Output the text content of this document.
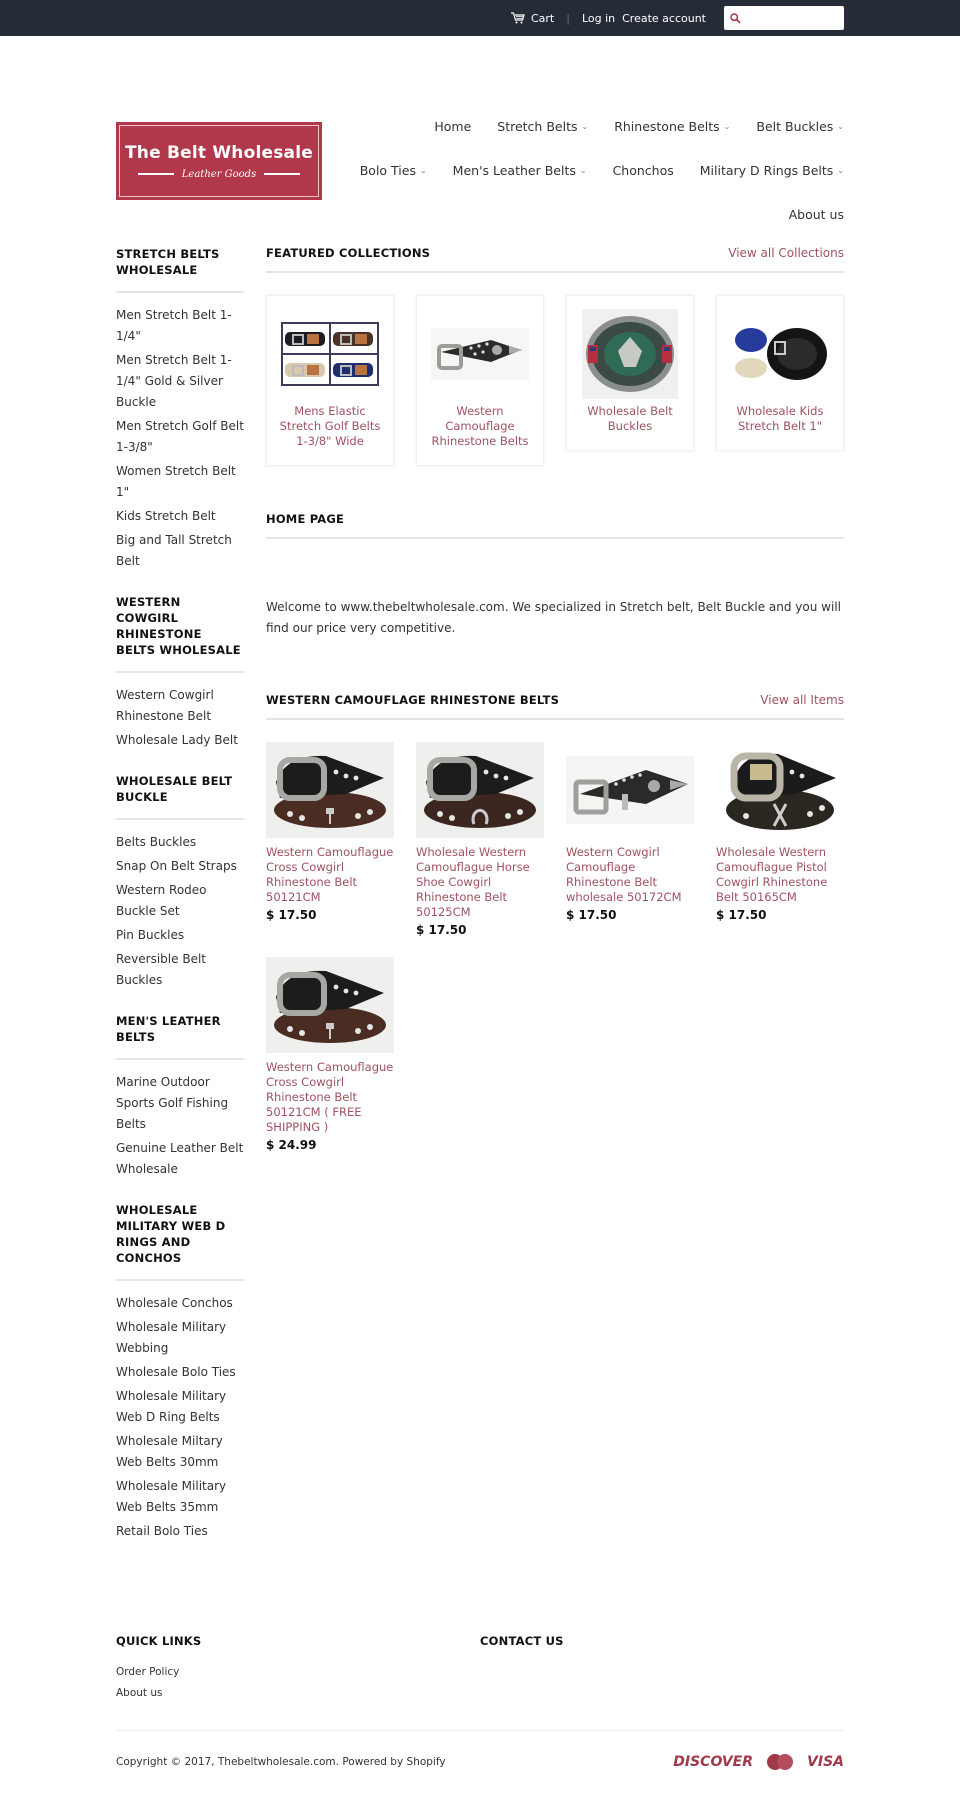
Cart | Log in Create account
The Belt Wholesale
Leather Goods
Home Stretch Belts ⌄ Rhinestone Belts ⌄ Belt Buckles ⌄
Bolo Ties ⌄ Men's Leather Belts ⌄ Chonchos Military D Rings Belts ⌄
About us
STRETCH BELTS WHOLESALE
Men Stretch Belt 1-1/4"
Men Stretch Belt 1-1/4" Gold & Silver Buckle
Men Stretch Golf Belt 1-3/8"
Women Stretch Belt 1"
Kids Stretch Belt
Big and Tall Stretch Belt
WESTERN COWGIRL RHINESTONE BELTS WHOLESALE
Western Cowgirl Rhinestone Belt
Wholesale Lady Belt
WHOLESALE BELT BUCKLE
Belts Buckles
Snap On Belt Straps
Western Rodeo Buckle Set
Pin Buckles
Reversible Belt Buckles
MEN'S LEATHER BELTS
Marine Outdoor Sports Golf Fishing Belts
Genuine Leather Belt Wholesale
WHOLESALE MILITARY WEB D RINGS AND CONCHOS
Wholesale Conchos
Wholesale Military Webbing
Wholesale Bolo Ties
Wholesale Military Web D Ring Belts
Wholesale Miltary Web Belts 30mm
Wholesale Military Web Belts 35mm
Retail Bolo Ties
FEATURED COLLECTIONS	View all Collections
Mens Elastic Stretch Golf Belts 1-3/8" Wide
Western Camouflage Rhinestone Belts
Wholesale Belt Buckles
Wholesale Kids Stretch Belt 1"
HOME PAGE

Welcome to www.thebeltwholesale.com. We specialized in Stretch belt, Belt Buckle and you will find our price very competitive.

WESTERN CAMOUFLAGE RHINESTONE BELTS	View all Items
Western Camouflague Cross Cowgirl Rhinestone Belt 50121CM
$ 17.50
Wholesale Western Camouflague Horse Shoe Cowgirl Rhinestone Belt 50125CM
$ 17.50
Western Cowgirl Camouflage Rhinestone Belt wholesale 50172CM
$ 17.50
Wholesale Western Camouflague Pistol Cowgirl Rhinestone Belt 50165CM
$ 17.50
Western Camouflague Cross Cowgirl Rhinestone Belt 50121CM ( FREE SHIPPING )
$ 24.99
QUICK LINKS
Order Policy
About us
CONTACT US
Copyright © 2017, Thebeltwholesale.com. Powered by Shopify	DISCOVER	VISA
